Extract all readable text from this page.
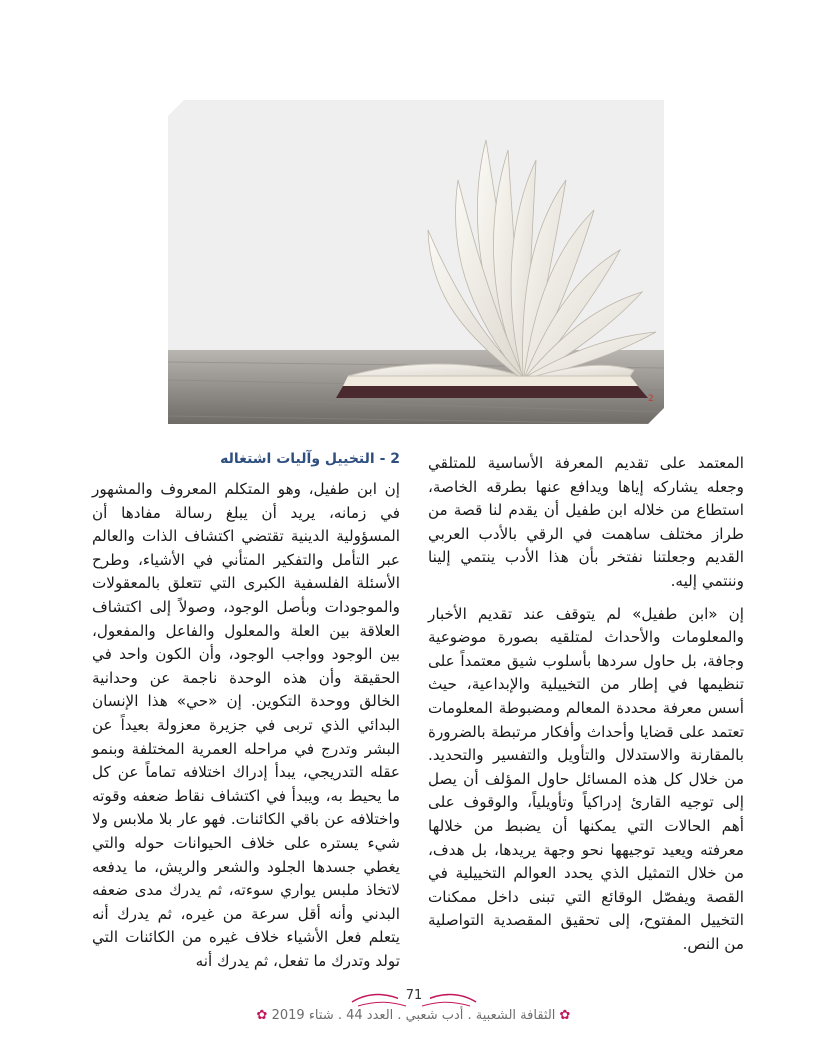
2

المعتمد على تقديم المعرفة الأساسية للمتلقي وجعله يشاركه إياها ويدافع عنها بطرقه الخاصة، استطاع من خلاله ابن طفيل أن يقدم لنا قصة من طراز مختلف ساهمت في الرقي بالأدب العربي القديم وجعلتنا نفتخر بأن هذا الأدب ينتمي إلينا وننتمي إليه.

إن «ابن طفيل» لم يتوقف عند تقديم الأخبار والمعلومات والأحداث لمتلقيه بصورة موضوعية وجافة، بل حاول سردها بأسلوب شيق معتمداً على تنظيمها في إطار من التخييلية والإبداعية، حيث أسس معرفة محددة المعالم ومضبوطة المعلومات تعتمد على قضايا وأحداث وأفكار مرتبطة بالضرورة بالمقارنة والاستدلال والتأويل والتفسير والتحديد. من خلال كل هذه المسائل حاول المؤلف أن يصل إلى توجيه القارئ إدراكياً وتأويلياً، والوقوف على أهم الحالات التي يمكنها أن يضبط من خلالها معرفته ويعيد توجيهها نحو وجهة يريدها، بل هدف، من خلال التمثيل الذي يحدد العوالم التخييلية في القصة ويفصّل الوقائع التي تبنى داخل ممكنات التخييل المفتوح، إلى تحقيق المقصدية التواصلية من النص.

2 - التخييل وآليات اشتغاله

إن ابن طفيل، وهو المتكلم المعروف والمشهور في زمانه، يريد أن يبلغ رسالة مفادها أن المسؤولية الدينية تقتضي اكتشاف الذات والعالم عبر التأمل والتفكير المتأني في الأشياء، وطرح الأسئلة الفلسفية الكبرى التي تتعلق بالمعقولات والموجودات وبأصل الوجود، وصولاً إلى اكتشاف العلاقة بين العلة والمعلول والفاعل والمفعول، بين الوجود وواجب الوجود، وأن الكون واحد في الحقيقة وأن هذه الوحدة ناجمة عن وحدانية الخالق ووحدة التكوين. إن «حي» هذا الإنسان البدائي الذي تربى في جزيرة معزولة بعيداً عن البشر وتدرج في مراحله العمرية المختلفة وبنمو عقله التدريجي، يبدأ إدراك اختلافه تماماً عن كل ما يحيط به، ويبدأ في اكتشاف نقاط ضعفه وقوته واختلافه عن باقي الكائنات. فهو عار بلا ملابس ولا شيء يستره على خلاف الحيوانات حوله والتي يغطي جسدها الجلود والشعر والريش، ما يدفعه لاتخاذ ملبس يواري سوءته، ثم يدرك مدى ضعفه البدني وأنه أقل سرعة من غيره، ثم يدرك أنه يتعلم فعل الأشياء خلاف غيره من الكائنات التي تولد وتدرك ما تفعل، ثم يدرك أنه

71
✿ الثقافة الشعبية . أدب شعبي . العدد 44 . شتاء 2019 ✿
